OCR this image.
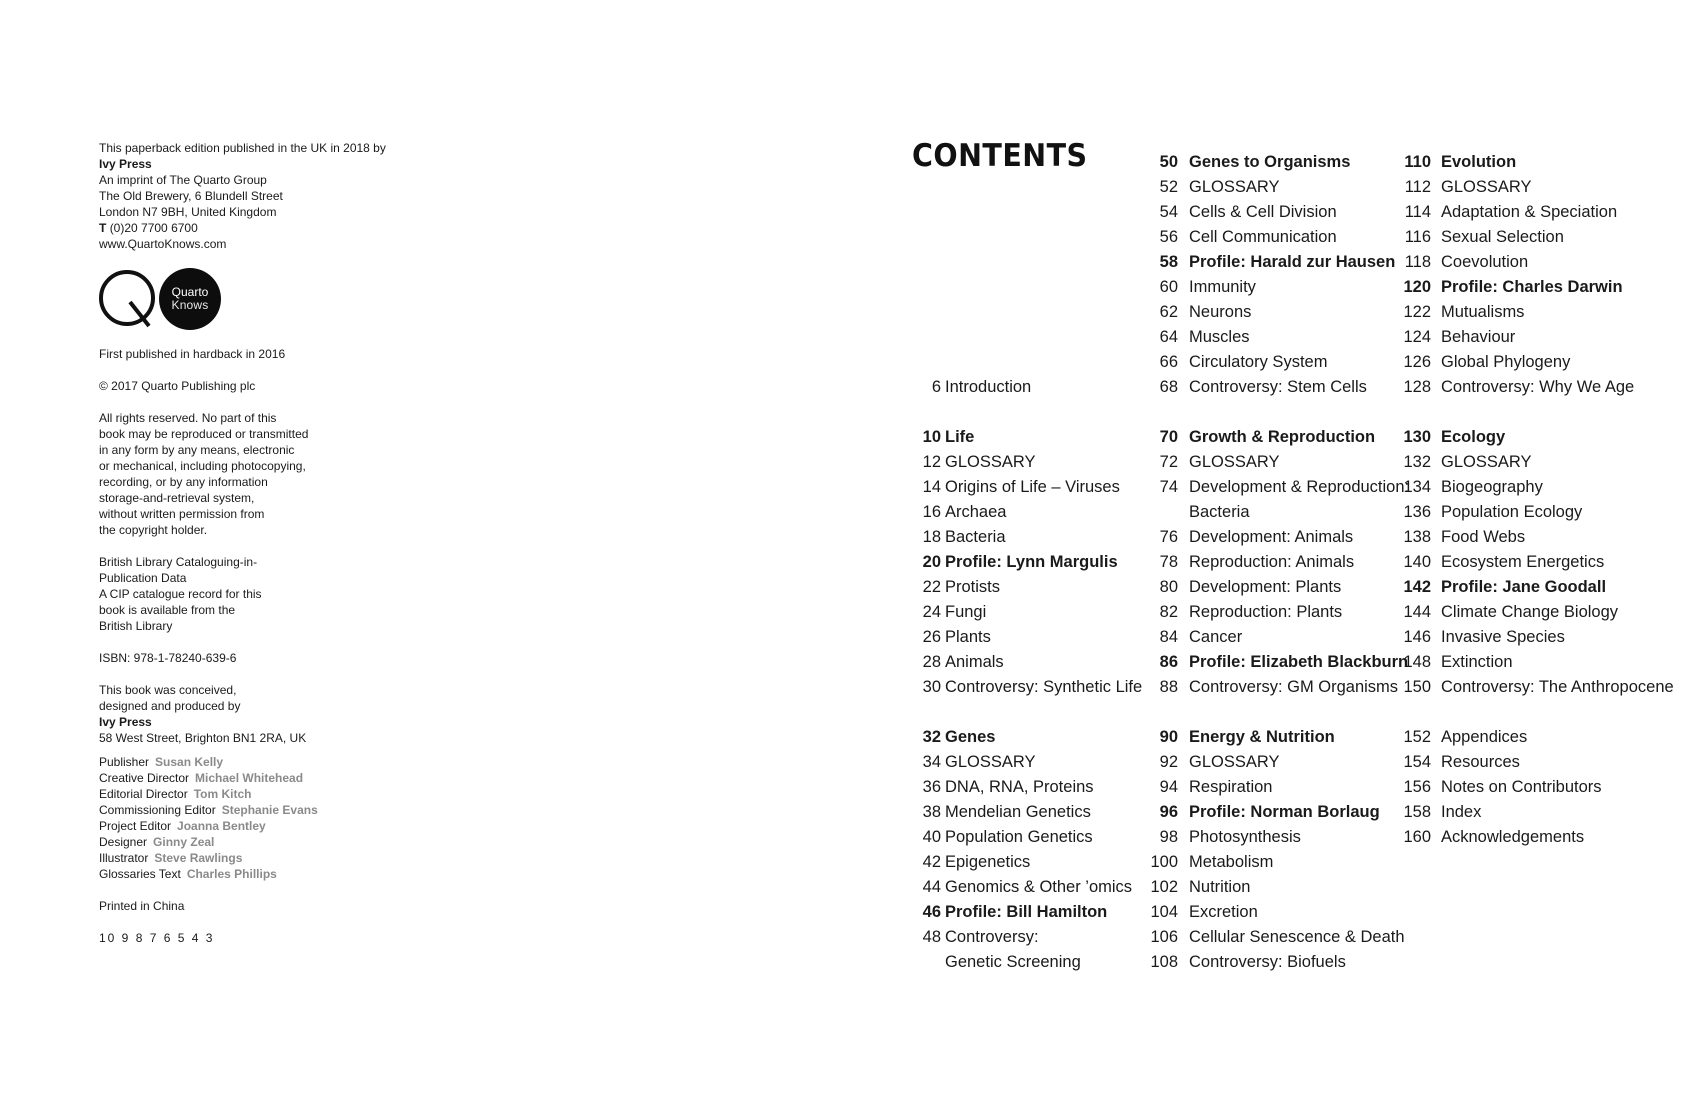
This paperback edition published in the UK in 2018 by
Ivy Press
An imprint of The Quarto Group
The Old Brewery, 6 Blundell Street
London N7 9BH, United Kingdom
T (0)20 7700 6700
www.QuartoKnows.com
Quarto
Knows
First published in hardback in 2016
© 2017 Quarto Publishing plc
All rights reserved. No part of this
book may be reproduced or transmitted
in any form by any means, electronic
or mechanical, including photocopying,
recording, or by any information
storage-and-retrieval system,
without written permission from
the copyright holder.
British Library Cataloguing-in-
Publication Data
A CIP catalogue record for this
book is available from the
British Library
ISBN: 978-1-78240-639-6
This book was conceived,
designed and produced by
Ivy Press
58 West Street, Brighton BN1 2RA, UK
Publisher Susan Kelly
Creative Director Michael Whitehead
Editorial Director Tom Kitch
Commissioning Editor Stephanie Evans
Project Editor Joanna Bentley
Designer Ginny Zeal
Illustrator Steve Rawlings
Glossaries Text Charles Phillips
Printed in China
10 9 8 7 6 5 4 3
CONTENTS
6 Introduction
10 Life
12 GLOSSARY
14 Origins of Life – Viruses
16 Archaea
18 Bacteria
20 Profile: Lynn Margulis
22 Protists
24 Fungi
26 Plants
28 Animals
30 Controversy: Synthetic Life
32 Genes
34 GLOSSARY
36 DNA, RNA, Proteins
38 Mendelian Genetics
40 Population Genetics
42 Epigenetics
44 Genomics & Other ’omics
46 Profile: Bill Hamilton
48 Controversy:
Genetic Screening
50 Genes to Organisms
52 GLOSSARY
54 Cells & Cell Division
56 Cell Communication
58 Profile: Harald zur Hausen
60 Immunity
62 Neurons
64 Muscles
66 Circulatory System
68 Controversy: Stem Cells
70 Growth & Reproduction
72 GLOSSARY
74 Development & Reproduction:
Bacteria
76 Development: Animals
78 Reproduction: Animals
80 Development: Plants
82 Reproduction: Plants
84 Cancer
86 Profile: Elizabeth Blackburn
88 Controversy: GM Organisms
90 Energy & Nutrition
92 GLOSSARY
94 Respiration
96 Profile: Norman Borlaug
98 Photosynthesis
100 Metabolism
102 Nutrition
104 Excretion
106 Cellular Senescence & Death
108 Controversy: Biofuels
110 Evolution
112 GLOSSARY
114 Adaptation & Speciation
116 Sexual Selection
118 Coevolution
120 Profile: Charles Darwin
122 Mutualisms
124 Behaviour
126 Global Phylogeny
128 Controversy: Why We Age
130 Ecology
132 GLOSSARY
134 Biogeography
136 Population Ecology
138 Food Webs
140 Ecosystem Energetics
142 Profile: Jane Goodall
144 Climate Change Biology
146 Invasive Species
148 Extinction
150 Controversy: The Anthropocene
152 Appendices
154 Resources
156 Notes on Contributors
158 Index
160 Acknowledgements
